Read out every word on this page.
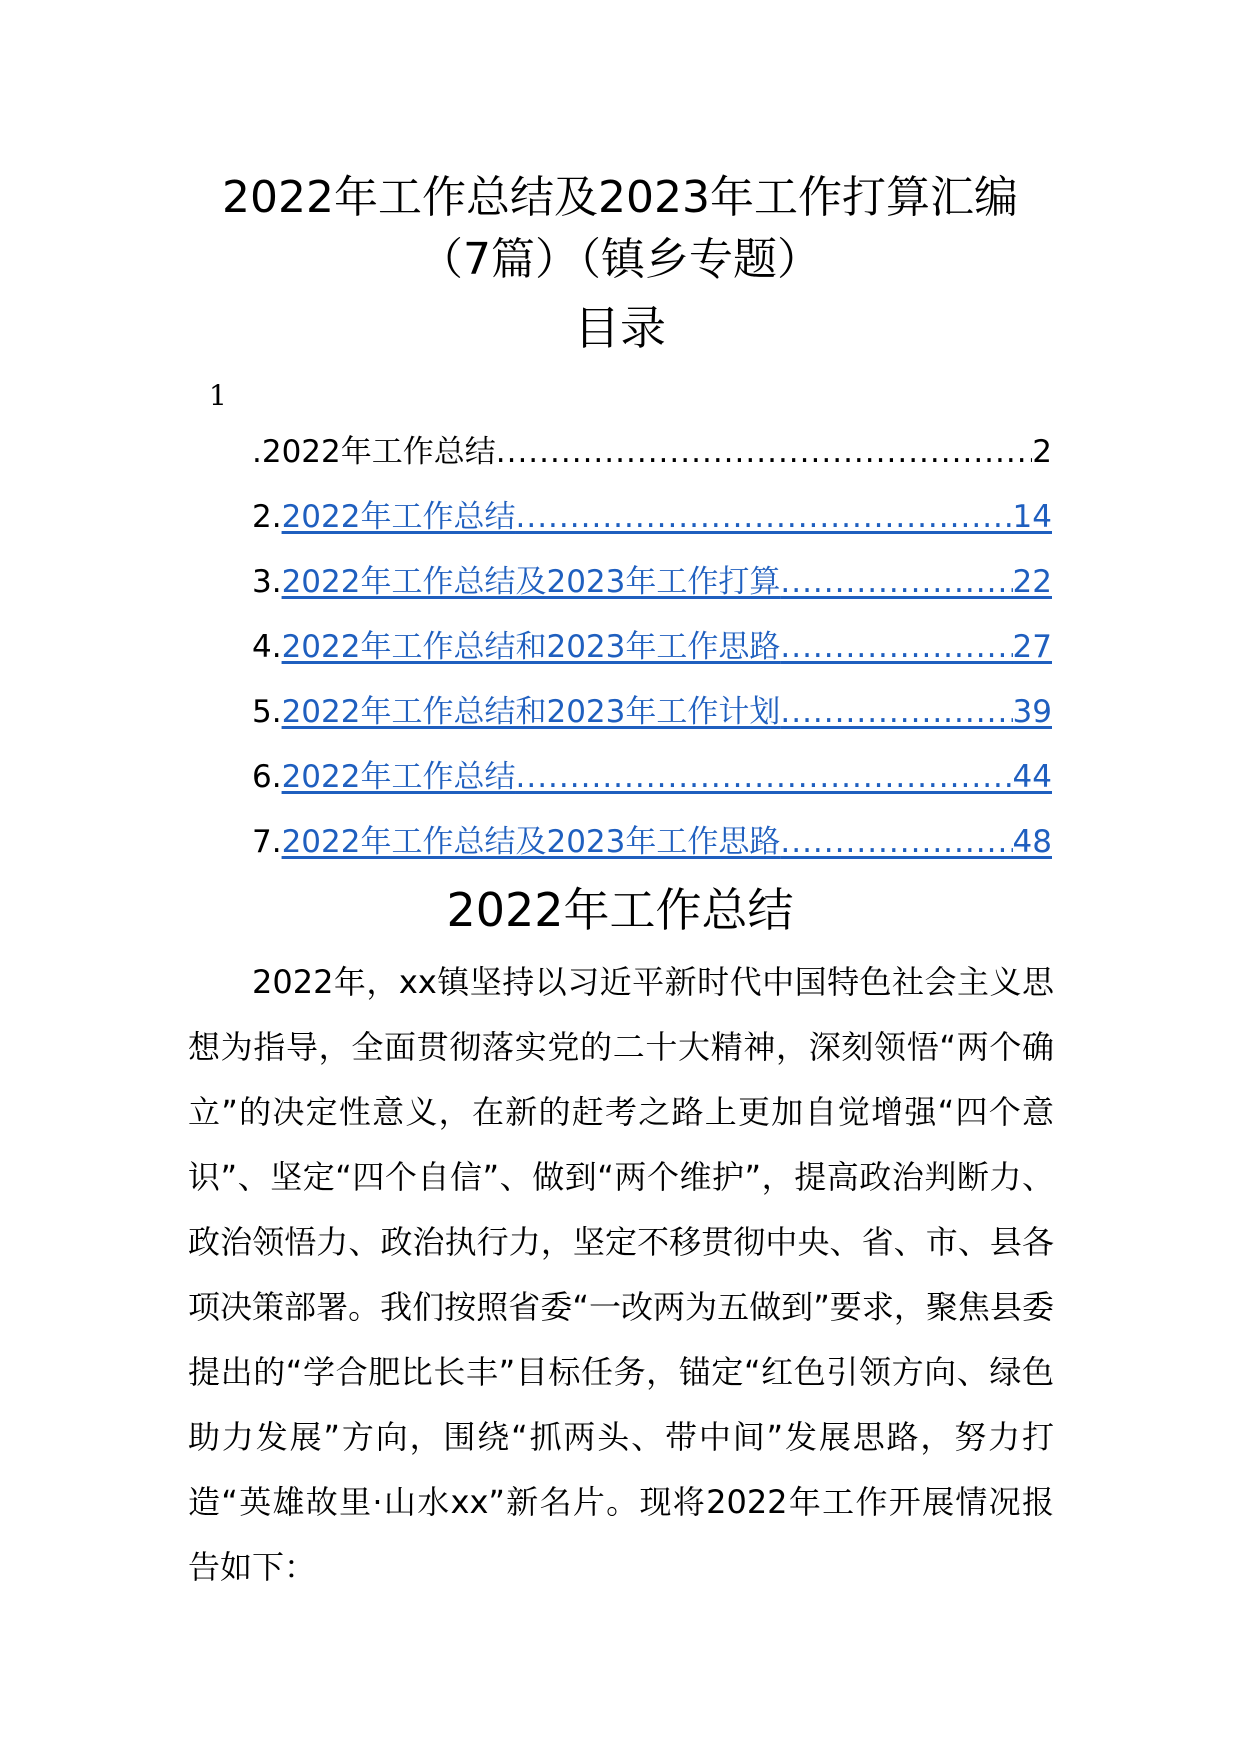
2022年工作总结及2023年工作打算汇编
（7篇）（镇乡专题）
目录
1
.2022年工作总结 .....	2
2. 2022年工作总结 .....	14
3. 2022年工作总结及2023年工作打算 .....	22
4. 2022年工作总结和2023年工作思路 .....	27
5. 2022年工作总结和2023年工作计划 .....	39
6. 2022年工作总结 .....	44
7. 2022年工作总结及2023年工作思路 .....	48
2022年工作总结

2022年，xx镇坚持以习近平新时代中国特色社会主义思想为指导，全面贯彻落实党的二十大精神，深刻领悟“两个确立”的决定性意义，在新的赶考之路上更加自觉增强“四个意识”、坚定“四个自信”、做到“两个维护”，提高政治判断力、政治领悟力、政治执行力，坚定不移贯彻中央、省、市、县各项决策部署。我们按照省委“一改两为五做到”要求，聚焦县委提出的“学合肥比长丰”目标任务，锚定“红色引领方向、绿色助力发展”方向，围绕“抓两头、带中间”发展思路，努力打造“英雄故里·山水xx”新名片。现将2022年工作开展情况报告如下：
